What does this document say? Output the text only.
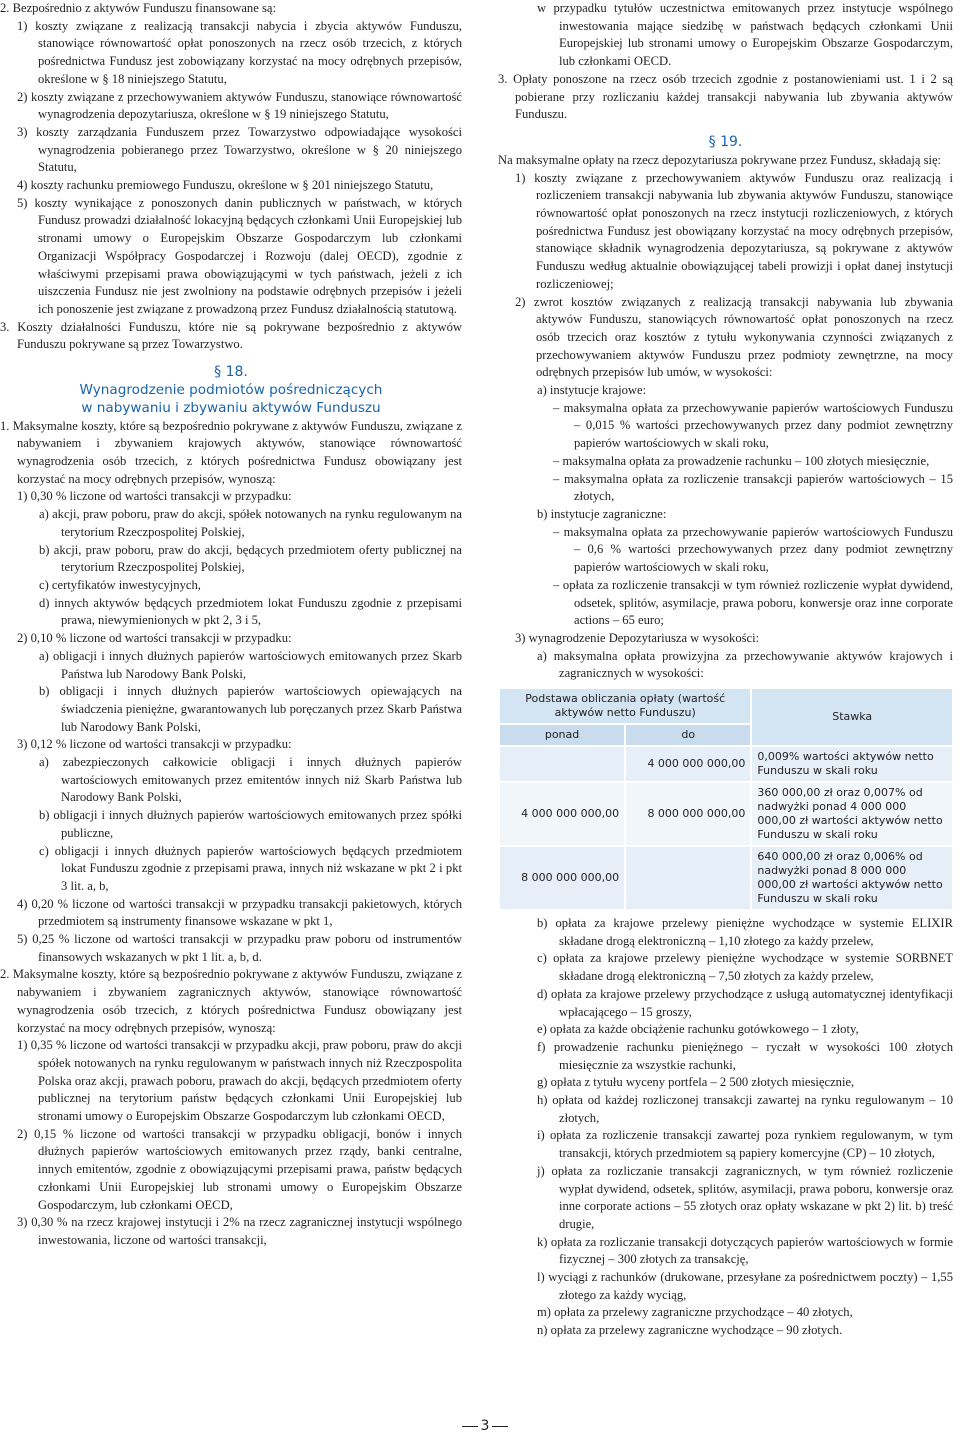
2. Bezpośrednio z aktywów Funduszu finansowane są:

1) koszty związane z realizacją transakcji nabycia i zbycia aktywów Funduszu, stanowiące równowartość opłat ponoszonych na rzecz osób trzecich, z których pośrednictwa Fundusz jest zobowiązany korzystać na mocy odrębnych przepisów, określone w § 18 niniejszego Statutu,

2) koszty związane z przechowywaniem aktywów Funduszu, stanowiące równowartość wynagrodzenia depozytariusza, określone w § 19 niniejszego Statutu,

3) koszty zarządzania Funduszem przez Towarzystwo odpowiadające wysokości wynagrodzenia pobieranego przez Towarzystwo, określone w § 20 niniejszego Statutu,

4) koszty rachunku premiowego Funduszu, określone w § 201 niniejszego Statutu,

5) koszty wynikające z ponoszonych danin publicznych w państwach, w których Fundusz prowadzi działalność lokacyjną będących członkami Unii Europejskiej lub stronami umowy o Europejskim Obszarze Gospodarczym lub członkami Organizacji Współpracy Gospodarczej i Rozwoju (dalej OECD), zgodnie z właściwymi przepisami prawa obowiązującymi w tych państwach, jeżeli z ich uiszczenia Fundusz nie jest zwolniony na podstawie odrębnych przepisów i jeżeli ich ponoszenie jest związane z prowadzoną przez Fundusz działalnością statutową.

3. Koszty działalności Funduszu, które nie są pokrywane bezpośrednio z aktywów Funduszu pokrywane są przez Towarzystwo.

§ 18.

Wynagrodzenie podmiotów pośredniczących

w nabywaniu i zbywaniu aktywów Funduszu

1. Maksymalne koszty, które są bezpośrednio pokrywane z aktywów Funduszu, związane z nabywaniem i zbywaniem krajowych aktywów, stanowiące równowartość wynagrodzenia osób trzecich, z których pośrednictwa Fundusz obowiązany jest korzystać na mocy odrębnych przepisów, wynoszą:

1) 0,30 % liczone od wartości transakcji w przypadku:

a) akcji, praw poboru, praw do akcji, spółek notowanych na rynku regulowanym na terytorium Rzeczpospolitej Polskiej,

b) akcji, praw poboru, praw do akcji, będących przedmiotem oferty publicznej na terytorium Rzeczpospolitej Polskiej,

c) certyfikatów inwestycyjnych,

d) innych aktywów będących przedmiotem lokat Funduszu zgodnie z przepisami prawa, niewymienionych w pkt 2, 3 i 5,

2) 0,10 % liczone od wartości transakcji w przypadku:

a) obligacji i innych dłużnych papierów wartościowych emitowanych przez Skarb Państwa lub Narodowy Bank Polski,

b) obligacji i innych dłużnych papierów wartościowych opiewających na świadczenia pieniężne, gwarantowanych lub poręczanych przez Skarb Państwa lub Narodowy Bank Polski,

3) 0,12 % liczone od wartości transakcji w przypadku:

a) zabezpieczonych całkowicie obligacji i innych dłużnych papierów wartościowych emitowanych przez emitentów innych niż Skarb Państwa lub Narodowy Bank Polski,

b) obligacji i innych dłużnych papierów wartościowych emitowanych przez spółki publiczne,

c) obligacji i innych dłużnych papierów wartościowych będących przedmiotem lokat Funduszu zgodnie z przepisami prawa, innych niż wskazane w pkt 2 i pkt 3 lit. a, b,

4) 0,20 % liczone od wartości transakcji w przypadku transakcji pakietowych, których przedmiotem są instrumenty finansowe wskazane w pkt 1,

5) 0,25 % liczone od wartości transakcji w przypadku praw poboru od instrumentów finansowych wskazanych w pkt 1 lit. a, b, d.

2. Maksymalne koszty, które są bezpośrednio pokrywane z aktywów Funduszu, związane z nabywaniem i zbywaniem zagranicznych aktywów, stanowiące równowartość wynagrodzenia osób trzecich, z których pośrednictwa Fundusz obowiązany jest korzystać na mocy odrębnych przepisów, wynoszą:

1) 0,35 % liczone od wartości transakcji w przypadku akcji, praw poboru, praw do akcji spółek notowanych na rynku regulowanym w państwach innych niż Rzeczpospolita Polska oraz akcji, prawach poboru, prawach do akcji, będących przedmiotem oferty publicznej na terytorium państw będących członkami Unii Europejskiej lub stronami umowy o Europejskim Obszarze Gospodarczym lub członkami OECD,

2) 0,15 % liczone od wartości transakcji w przypadku obligacji, bonów i innych dłużnych papierów wartościowych emitowanych przez rządy, banki centralne, innych emitentów, zgodnie z obowiązującymi przepisami prawa, państw będących członkami Unii Europejskiej lub stronami umowy o Europejskim Obszarze Gospodarczym, lub członkami OECD,

3) 0,30 % na rzecz krajowej instytucji i 2% na rzecz zagranicznej instytucji wspólnego inwestowania, liczone od wartości transakcji,

w przypadku tytułów uczestnictwa emitowanych przez instytucje wspólnego inwestowania mające siedzibę w państwach będących członkami Unii Europejskiej lub stronami umowy o Europejskim Obszarze Gospodarczym, lub członkami OECD.

3. Opłaty ponoszone na rzecz osób trzecich zgodnie z postanowieniami ust. 1 i 2 są pobierane przy rozliczaniu każdej transakcji nabywania lub zbywania aktywów Funduszu.

§ 19.

Na maksymalne opłaty na rzecz depozytariusza pokrywane przez Fundusz, składają się:

1) koszty związane z przechowywaniem aktywów Funduszu oraz realizacją i rozliczeniem transakcji nabywania lub zbywania aktywów Funduszu, stanowiące równowartość opłat ponoszonych na rzecz instytucji rozliczeniowych, z których pośrednictwa Fundusz jest obowiązany korzystać na mocy odrębnych przepisów, stanowiące składnik wynagrodzenia depozytariusza, są pokrywane z aktywów Funduszu według aktualnie obowiązującej tabeli prowizji i opłat danej instytucji rozliczeniowej;

2) zwrot kosztów związanych z realizacją transakcji nabywania lub zbywania aktywów Funduszu, stanowiących równowartość opłat ponoszonych na rzecz osób trzecich oraz kosztów z tytułu wykonywania czynności związanych z przechowywaniem aktywów Funduszu przez podmioty zewnętrzne, na mocy odrębnych przepisów lub umów, w wysokości:

a) instytucje krajowe:

– maksymalna opłata za przechowywanie papierów wartościowych Funduszu – 0,015 % wartości przechowywanych przez dany podmiot zewnętrzny papierów wartościowych w skali roku,

– maksymalna opłata za prowadzenie rachunku – 100 złotych miesięcznie,

– maksymalna opłata za rozliczenie transakcji papierów wartościowych – 15 złotych,

b) instytucje zagraniczne:

– maksymalna opłata za przechowywanie papierów wartościowych Funduszu – 0,6 % wartości przechowywanych przez dany podmiot zewnętrzny papierów wartościowych w skali roku,

– opłata za rozliczenie transakcji w tym również rozliczenie wypłat dywidend, odsetek, splitów, asymilacje, prawa poboru, konwersje oraz inne corporate actions – 65 euro;

3) wynagrodzenie Depozytariusza w wysokości:

a) maksymalna opłata prowizyjna za przechowywanie aktywów krajowych i zagranicznych w wysokości:

Podstawa obliczania opłaty (wartość aktywów netto Funduszu)		Stawka
ponad	do	
	4 000 000 000,00	0,009% wartości aktywów netto Funduszu w skali roku
4 000 000 000,00	8 000 000 000,00	360 000,00 zł oraz 0,007% od nadwyżki ponad 4 000 000 000,00 zł wartości aktywów netto Funduszu w skali roku
8 000 000 000,00		640 000,00 zł oraz 0,006% od nadwyżki ponad 8 000 000 000,00 zł wartości aktywów netto Funduszu w skali roku

b) opłata za krajowe przelewy pieniężne wychodzące w systemie ELIXIR składane drogą elektroniczną – 1,10 złotego za każdy przelew,

c) opłata za krajowe przelewy pieniężne wychodzące w systemie SORBNET składane drogą elektroniczną – 7,50 złotych za każdy przelew,

d) opłata za krajowe przelewy przychodzące z usługą automatycznej identyfikacji wpłacającego – 15 groszy,

e) opłata za każde obciążenie rachunku gotówkowego – 1 złoty,

f) prowadzenie rachunku pieniężnego – ryczałt w wysokości 100 złotych miesięcznie za wszystkie rachunki,

g) opłata z tytułu wyceny portfela – 2 500 złotych miesięcznie,

h) opłata od każdej rozliczonej transakcji zawartej na rynku regulowanym – 10 złotych,

i) opłata za rozliczenie transakcji zawartej poza rynkiem regulowanym, w tym transakcji, których przedmiotem są papiery komercyjne (CP) – 10 złotych,

j) opłata za rozliczanie transakcji zagranicznych, w tym również rozliczenie wypłat dywidend, odsetek, splitów, asymilacji, prawa poboru, konwersje oraz inne corporate actions – 55 złotych oraz opłaty wskazane w pkt 2) lit. b) treść drugie,

k) opłata za rozliczanie transakcji dotyczących papierów wartościowych w formie fizycznej – 300 złotych za transakcję,

l) wyciągi z rachunków (drukowane, przesyłane za pośrednictwem poczty) – 1,55 złotego za każdy wyciąg,

m) opłata za przelewy zagraniczne przychodzące – 40 złotych,

n) opłata za przelewy zagraniczne wychodzące – 90 złotych.

3
